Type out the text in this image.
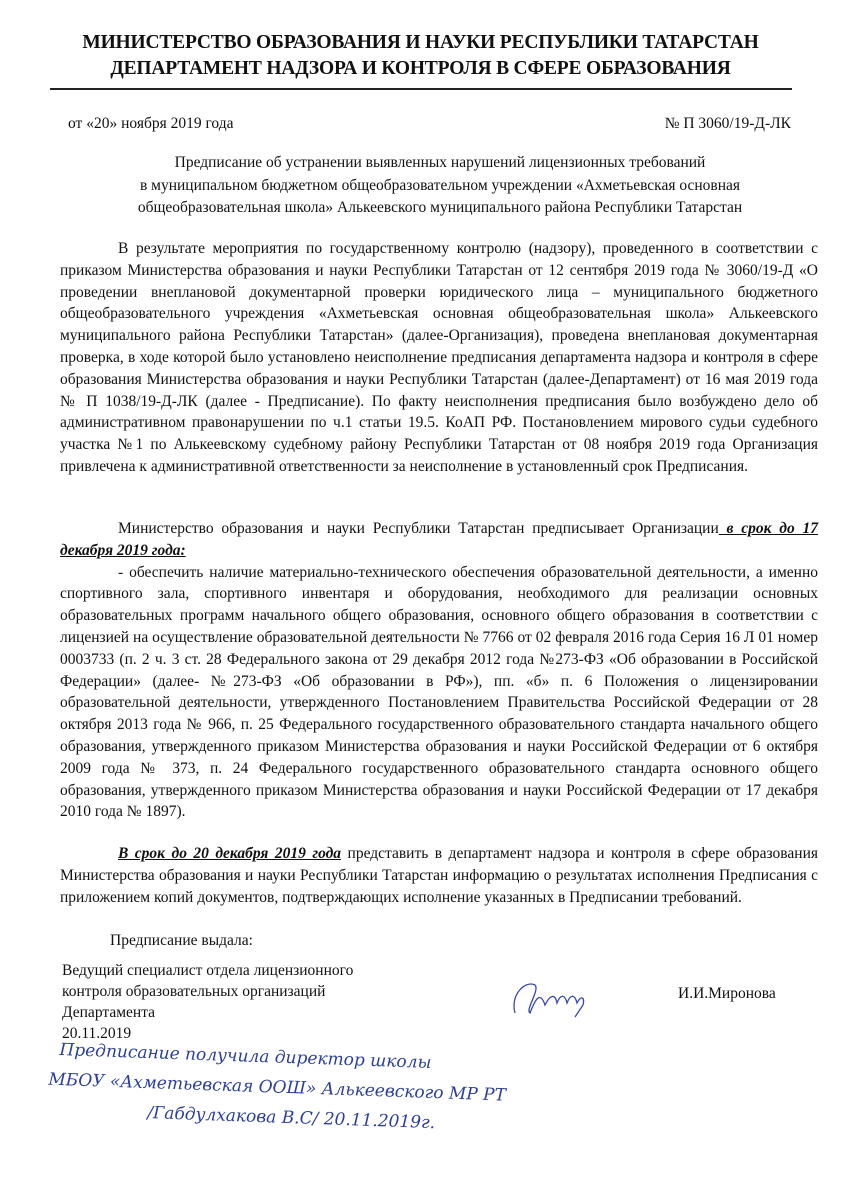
МИНИСТЕРСТВО ОБРАЗОВАНИЯ И НАУКИ РЕСПУБЛИКИ ТАТАРСТАН
ДЕПАРТАМЕНТ НАДЗОРА И КОНТРОЛЯ В СФЕРЕ ОБРАЗОВАНИЯ
от «20» ноября 2019 года	№ П 3060/19-Д-ЛК
Предписание об устранении выявленных нарушений лицензионных требований
в муниципальном бюджетном общеобразовательном учреждении «Ахметьевская основная
общеобразовательная школа» Алькеевского муниципального района Республики Татарстан
В результате мероприятия по государственному контролю (надзору), проведенного в соответствии с приказом Министерства образования и науки Республики Татарстан от 12 сентября 2019 года № 3060/19-Д «О проведении внеплановой документарной проверки юридического лица – муниципального бюджетного общеобразовательного учреждения «Ахметьевская основная общеобразовательная школа» Алькеевского муниципального района Республики Татарстан» (далее-Организация), проведена внеплановая документарная проверка, в ходе которой было установлено неисполнение предписания департамента надзора и контроля в сфере образования Министерства образования и науки Республики Татарстан (далее-Департамент) от 16 мая 2019 года № П 1038/19-Д-ЛК (далее - Предписание). По факту неисполнения предписания было возбуждено дело об административном правонарушении по ч.1 статьи 19.5. КоАП РФ. Постановлением мирового судьи судебного участка №1 по Алькеевскому судебному району Республики Татарстан от 08 ноября 2019 года Организация привлечена к административной ответственности за неисполнение в установленный срок Предписания.
Министерство образования и науки Республики Татарстан предписывает Организации в срок до 17 декабря 2019 года:
- обеспечить наличие материально-технического обеспечения образовательной деятельности, а именно спортивного зала, спортивного инвентаря и оборудования, необходимого для реализации основных образовательных программ начального общего образования, основного общего образования в соответствии с лицензией на осуществление образовательной деятельности № 7766 от 02 февраля 2016 года Серия 16 Л 01 номер 0003733 (п. 2 ч. 3 ст. 28 Федерального закона от 29 декабря 2012 года №273-ФЗ «Об образовании в Российской Федерации» (далее- №273-ФЗ «Об образовании в РФ»), пп. «б» п. 6 Положения о лицензировании образовательной деятельности, утвержденного Постановлением Правительства Российской Федерации от 28 октября 2013 года № 966, п. 25 Федерального государственного образовательного стандарта начального общего образования, утвержденного приказом Министерства образования и науки Российской Федерации от 6 октября 2009 года № 373, п. 24 Федерального государственного образовательного стандарта основного общего образования, утвержденного приказом Министерства образования и науки Российской Федерации от 17 декабря 2010 года № 1897).
В срок до 20 декабря 2019 года представить в департамент надзора и контроля в сфере образования Министерства образования и науки Республики Татарстан информацию о результатах исполнения Предписания с приложением копий документов, подтверждающих исполнение указанных в Предписании требований.
Предписание выдала:
Ведущий специалист отдела лицензионного
контроля образовательных организаций
Департамента
20.11.2019
И.И.Миронова
Предписание получила директор школы
МБОУ «Ахметьевская ООШ» Алькеевского МР РТ
/Габдулхакова В.С/ 20.11.2019г.
